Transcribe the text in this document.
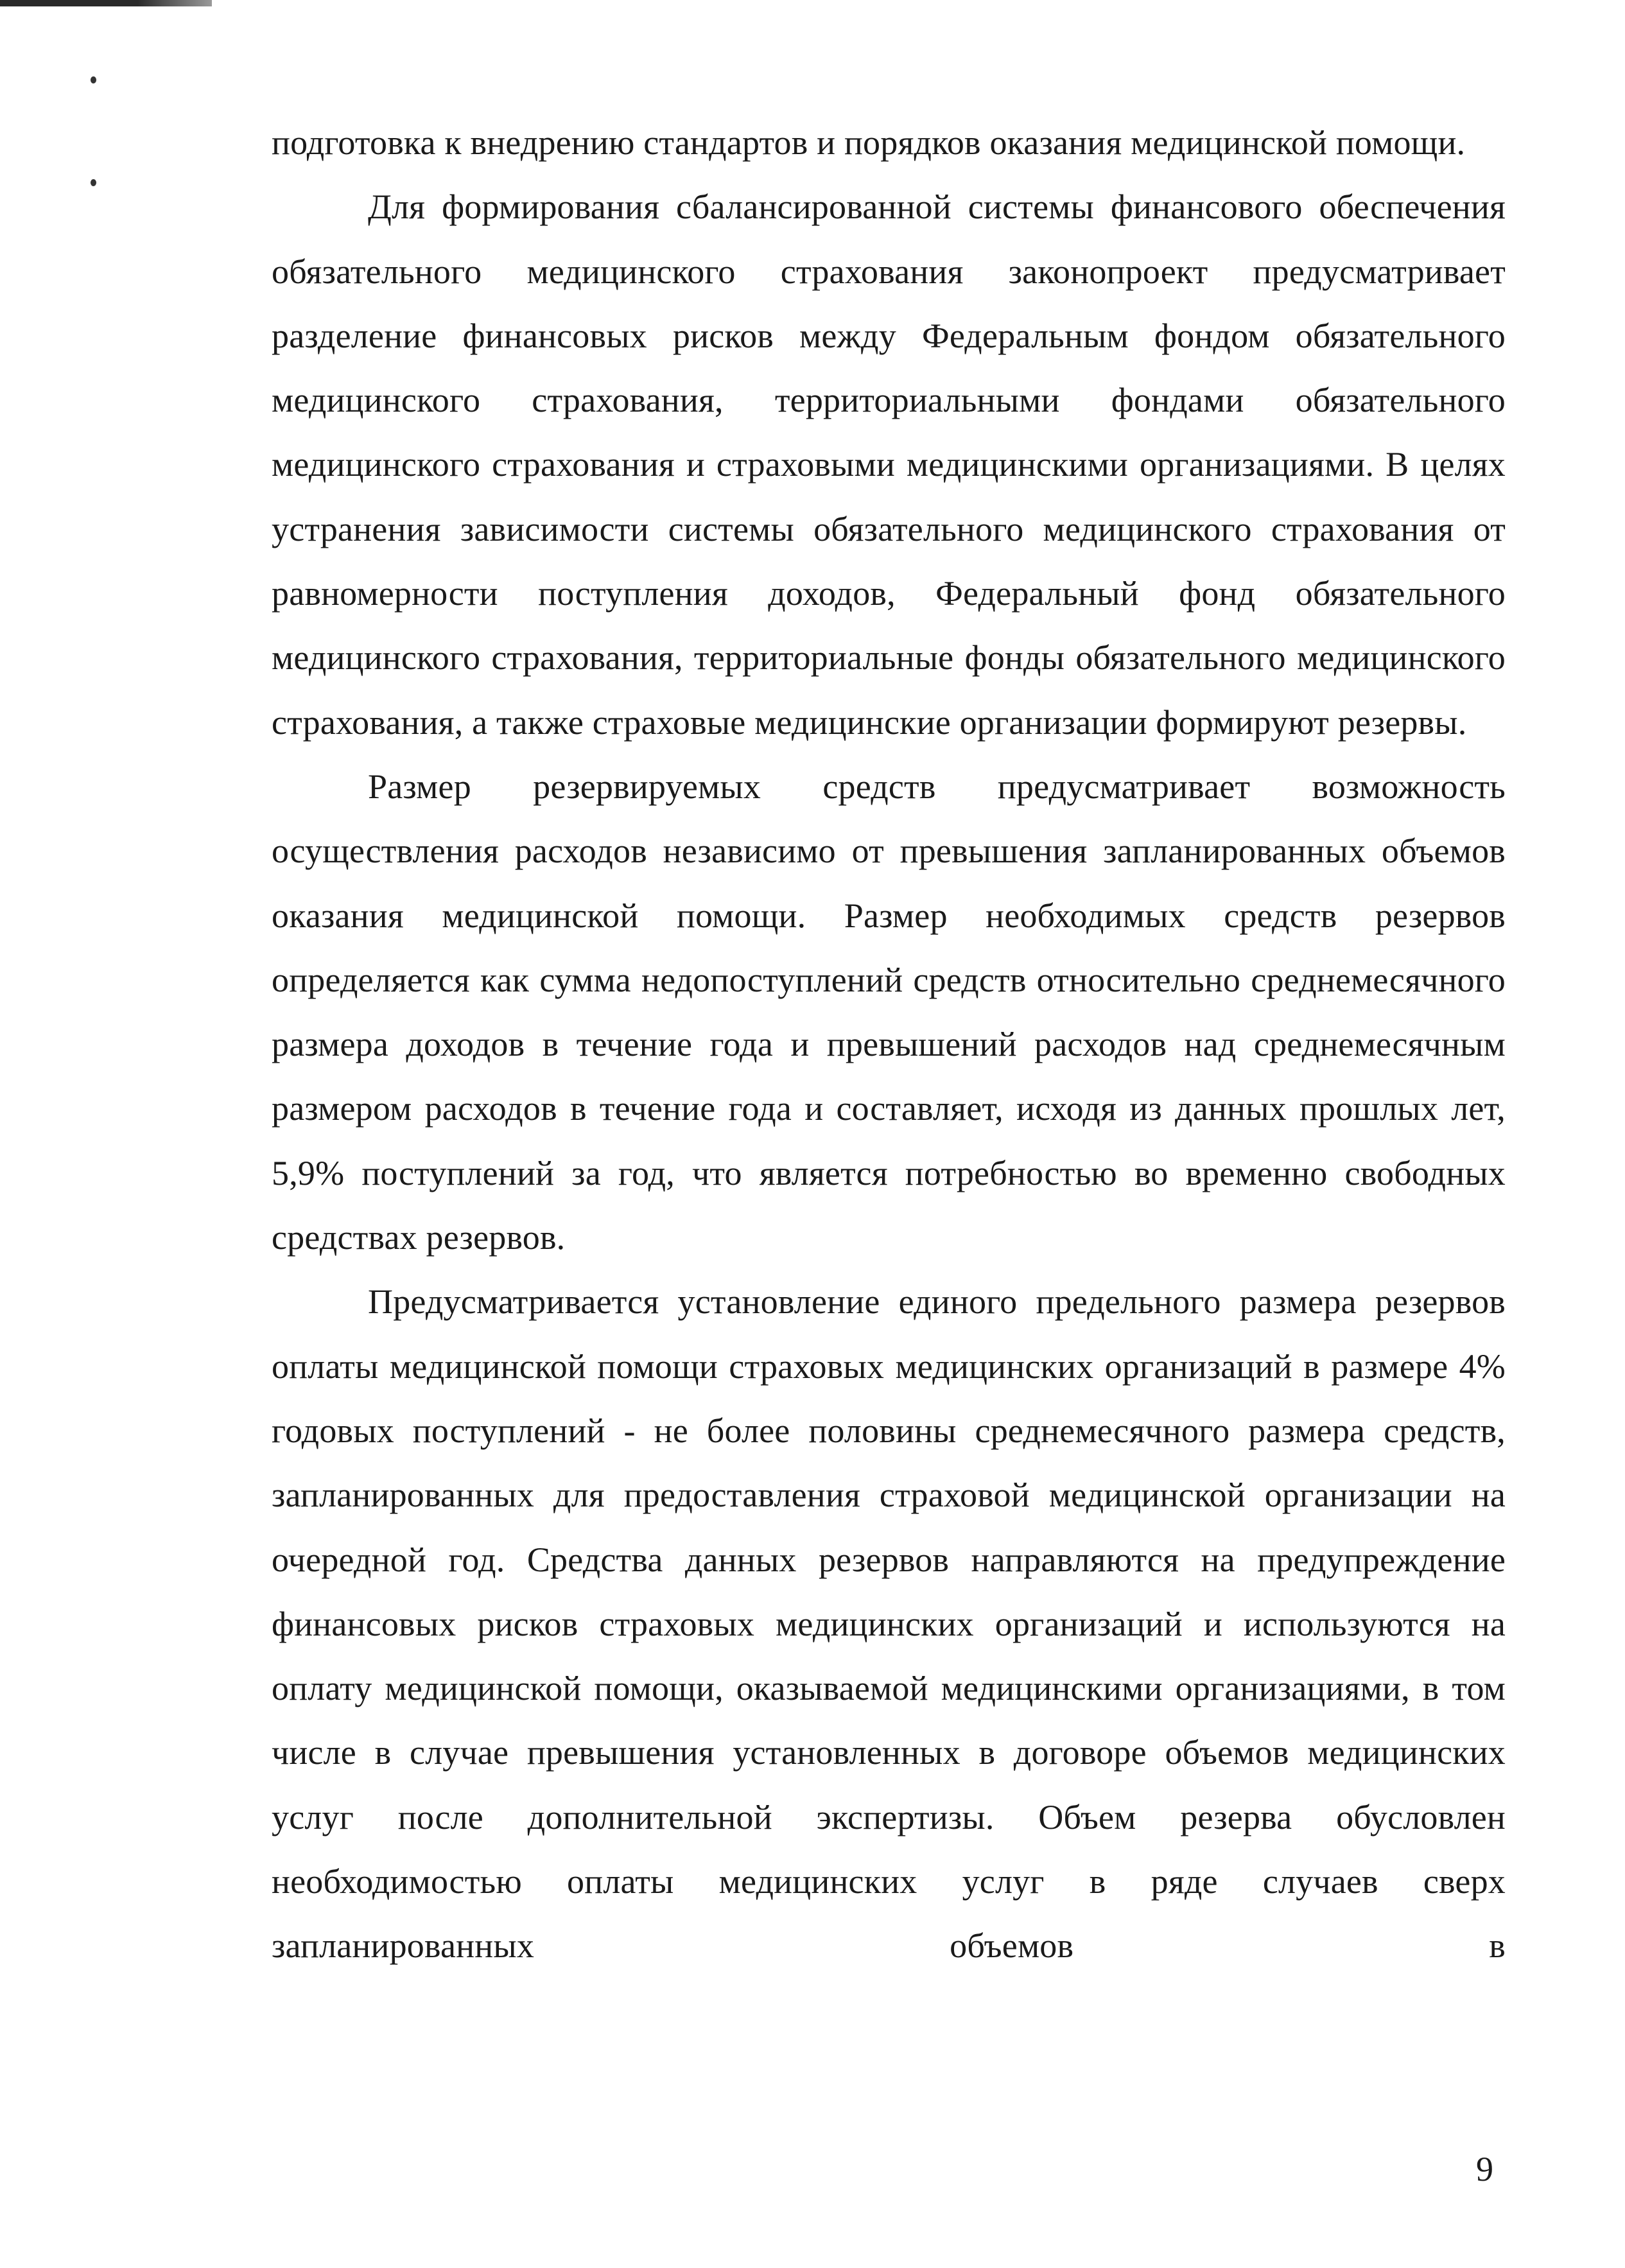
подготовка к внедрению стандартов и порядков оказания медицинской помощи.

Для формирования сбалансированной системы финансового обеспечения обязательного медицинского страхования законопроект предусматривает разделение финансовых рисков между Федеральным фондом обязательного медицинского страхования, территориальными фондами обязательного медицинского страхования и страховыми медицинскими организациями. В целях устранения зависимости системы обязательного медицинского страхования от равномерности поступления доходов, Федеральный фонд обязательного медицинского страхования, территориальные фонды обязательного медицинского страхования, а также страховые медицинские организации формируют резервы.

Размер резервируемых средств предусматривает возможность осуществления расходов независимо от превышения запланированных объемов оказания медицинской помощи. Размер необходимых средств резервов определяется как сумма недопоступлений средств относительно среднемесячного размера доходов в течение года и превышений расходов над среднемесячным размером расходов в течение года и составляет, исходя из данных прошлых лет, 5,9% поступлений за год, что является потребностью во временно свободных средствах резервов.

Предусматривается установление единого предельного размера резервов оплаты медицинской помощи страховых медицинских организаций в размере 4% годовых поступлений - не более половины среднемесячного размера средств, запланированных для предоставления страховой медицинской организации на очередной год. Средства данных резервов направляются на предупреждение финансовых рисков страховых медицинских организаций и используются на оплату медицинской помощи, оказываемой медицинскими организациями, в том числе в случае превышения установленных в договоре объемов медицинских услуг после дополнительной экспертизы. Объем резерва обусловлен необходимостью оплаты медицинских услуг в ряде случаев сверх запланированных объемов в

9
